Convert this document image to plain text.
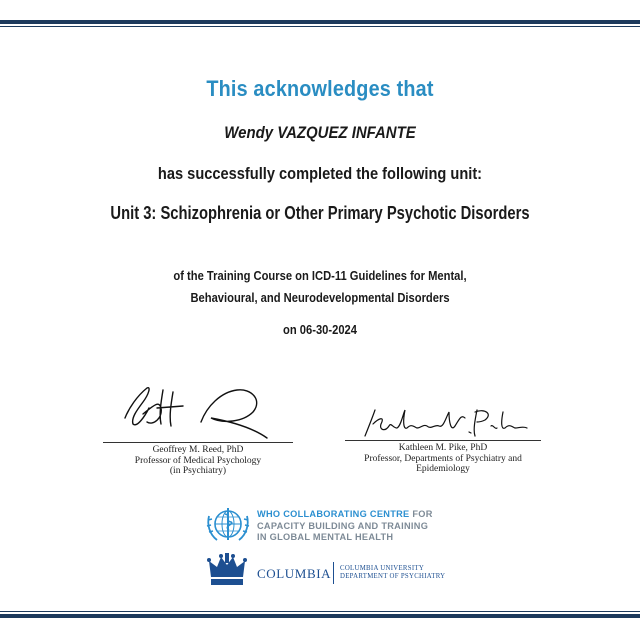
This acknowledges that
Wendy VAZQUEZ INFANTE
has successfully completed the following unit:
Unit 3: Schizophrenia or Other Primary Psychotic Disorders
of the Training Course on ICD-11 Guidelines for Mental,
Behavioural, and Neurodevelopmental Disorders
on 06-30-2024
Geoffrey M. Reed, PhD
Professor of Medical Psychology
(in Psychiatry)
Kathleen M. Pike, PhD
Professor, Departments of Psychiatry and
Epidemiology
WHO COLLABORATING CENTRE FOR
CAPACITY BUILDING AND TRAINING
IN GLOBAL MENTAL HEALTH
COLUMBIA COLUMBIA UNIVERSITY
DEPARTMENT OF PSYCHIATRY
